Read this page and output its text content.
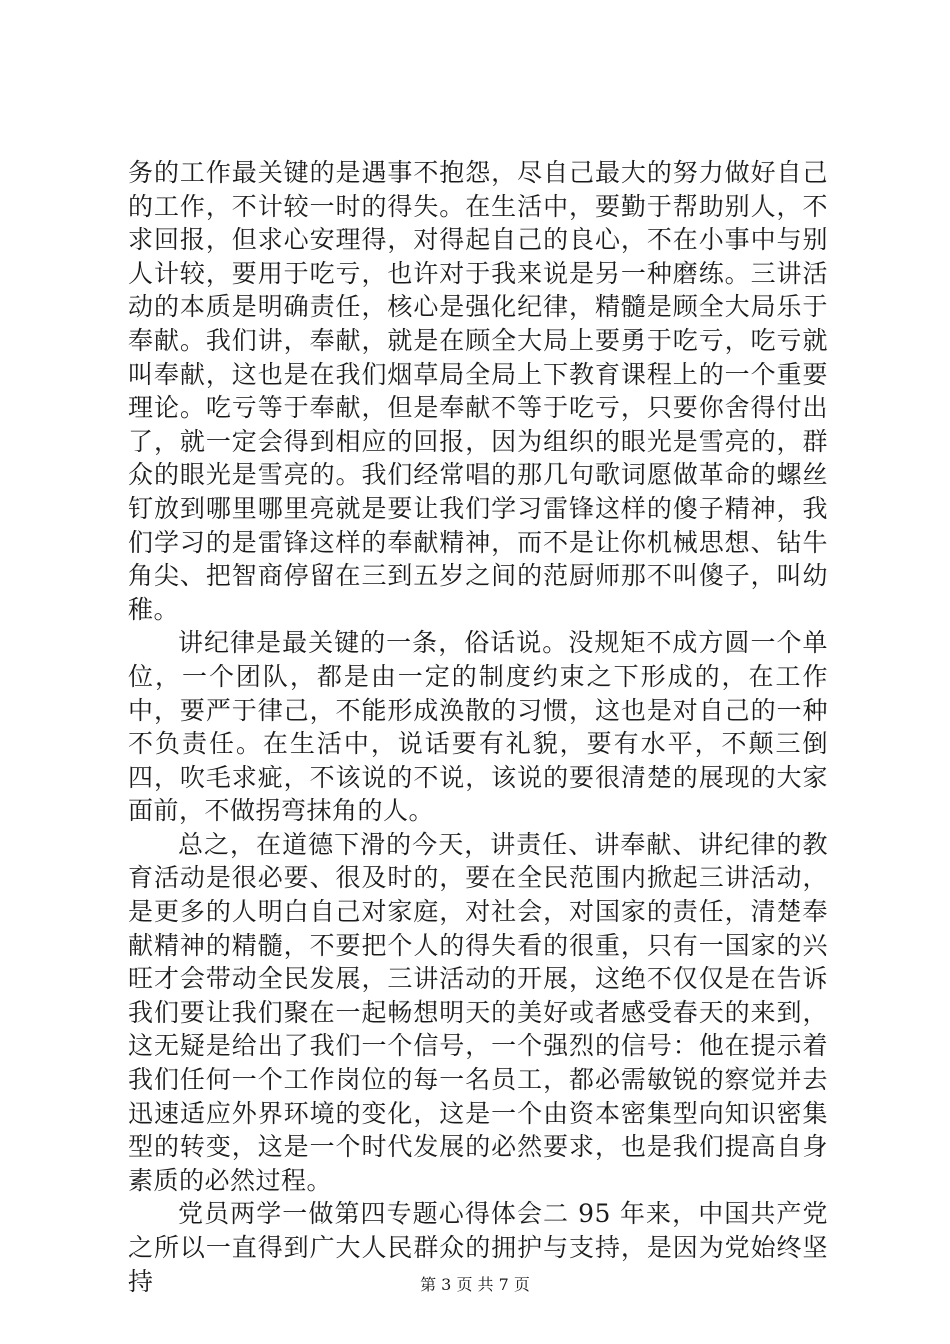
务的工作最关键的是遇事不抱怨，尽自己最大的努力做好自己的工作，不计较一时的得失。在生活中，要勤于帮助别人，不求回报，但求心安理得，对得起自己的良心，不在小事中与别人计较，要用于吃亏，也许对于我来说是另一种磨练。三讲活动的本质是明确责任，核心是强化纪律，精髓是顾全大局乐于奉献。我们讲，奉献，就是在顾全大局上要勇于吃亏，吃亏就叫奉献，这也是在我们烟草局全局上下教育课程上的一个重要理论。吃亏等于奉献，但是奉献不等于吃亏，只要你舍得付出了，就一定会得到相应的回报，因为组织的眼光是雪亮的，群众的眼光是雪亮的。我们经常唱的那几句歌词愿做革命的螺丝钉放到哪里哪里亮就是要让我们学习雷锋这样的傻子精神，我们学习的是雷锋这样的奉献精神，而不是让你机械思想、钻牛角尖、把智商停留在三到五岁之间的范厨师那不叫傻子，叫幼稚。

讲纪律是最关键的一条，俗话说。没规矩不成方圆一个单位，一个团队，都是由一定的制度约束之下形成的，在工作中，要严于律己，不能形成涣散的习惯，这也是对自己的一种不负责任。在生活中，说话要有礼貌，要有水平，不颠三倒四，吹毛求疵，不该说的不说，该说的要很清楚的展现的大家面前，不做拐弯抹角的人。

总之，在道德下滑的今天，讲责任、讲奉献、讲纪律的教育活动是很必要、很及时的，要在全民范围内掀起三讲活动，是更多的人明白自己对家庭，对社会，对国家的责任，清楚奉献精神的精髓，不要把个人的得失看的很重，只有一国家的兴旺才会带动全民发展，三讲活动的开展，这绝不仅仅是在告诉我们要让我们聚在一起畅想明天的美好或者感受春天的来到，这无疑是给出了我们一个信号，一个强烈的信号：他在提示着我们任何一个工作岗位的每一名员工，都必需敏锐的察觉并去迅速适应外界环境的变化，这是一个由资本密集型向知识密集型的转变，这是一个时代发展的必然要求，也是我们提高自身素质的必然过程。

党员两学一做第四专题心得体会二 95 年来，中国共产党之所以一直得到广大人民群众的拥护与支持，是因为党始终坚持	第 3 页 共 7 页
